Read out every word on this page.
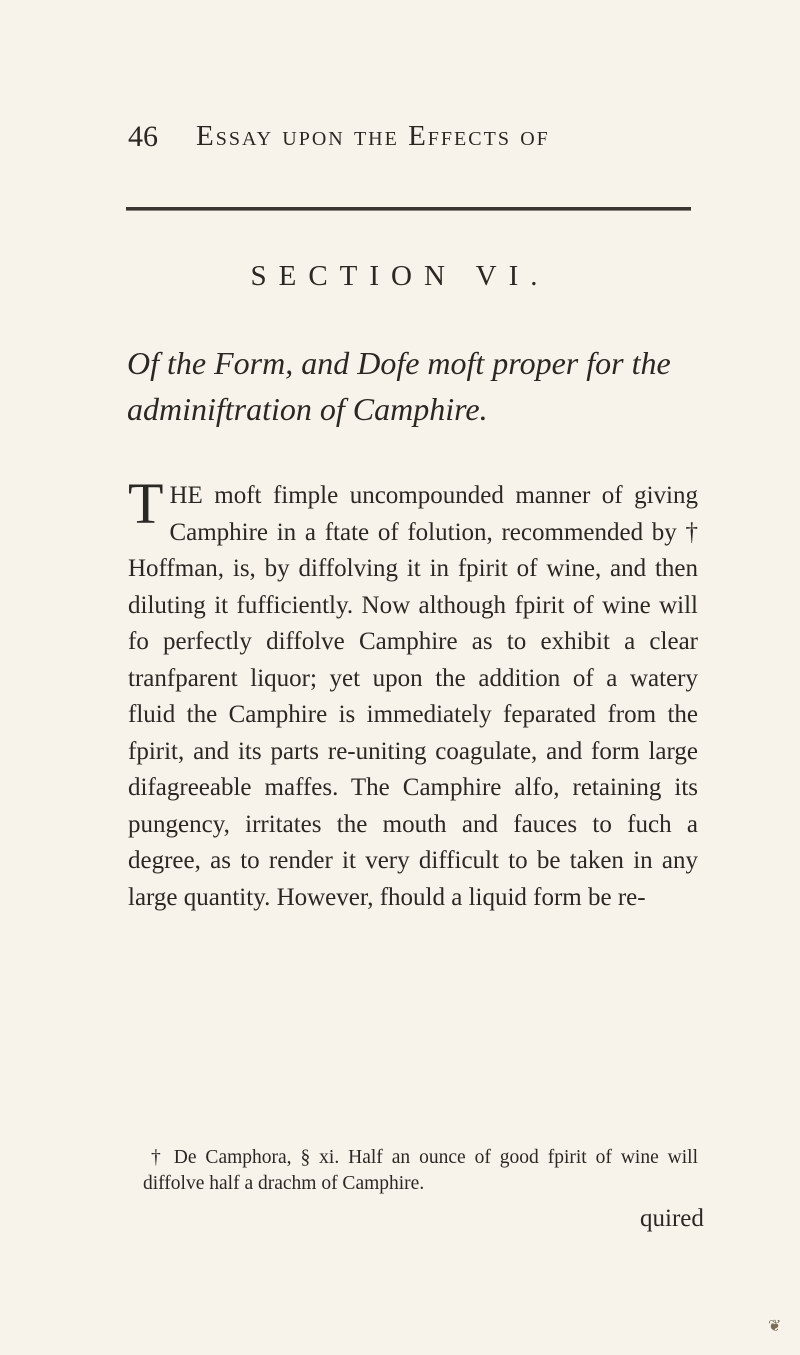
46 Essay upon the Effects of
SECTION VI.
Of the Form, and Dofe moft proper for the adminiftration of Camphire.
THE moft fimple uncompounded manner of giving Camphire in a ftate of folution, recommended by † Hoffman, is, by diffolving it in fpirit of wine, and then diluting it fufficiently. Now although fpirit of wine will fo perfectly diffolve Camphire as to exhibit a clear tranfparent liquor; yet upon the addition of a watery fluid the Camphire is immediately feparated from the fpirit, and its parts re-uniting coagulate, and form large difagreeable maffes. The Camphire alfo, retaining its pungency, irritates the mouth and fauces to fuch a degree, as to render it very difficult to be taken in any large quantity. However, fhould a liquid form be re-
† De Camphora, § xi. Half an ounce of good fpirit of wine will diffolve half a drachm of Camphire.
quired
❦
